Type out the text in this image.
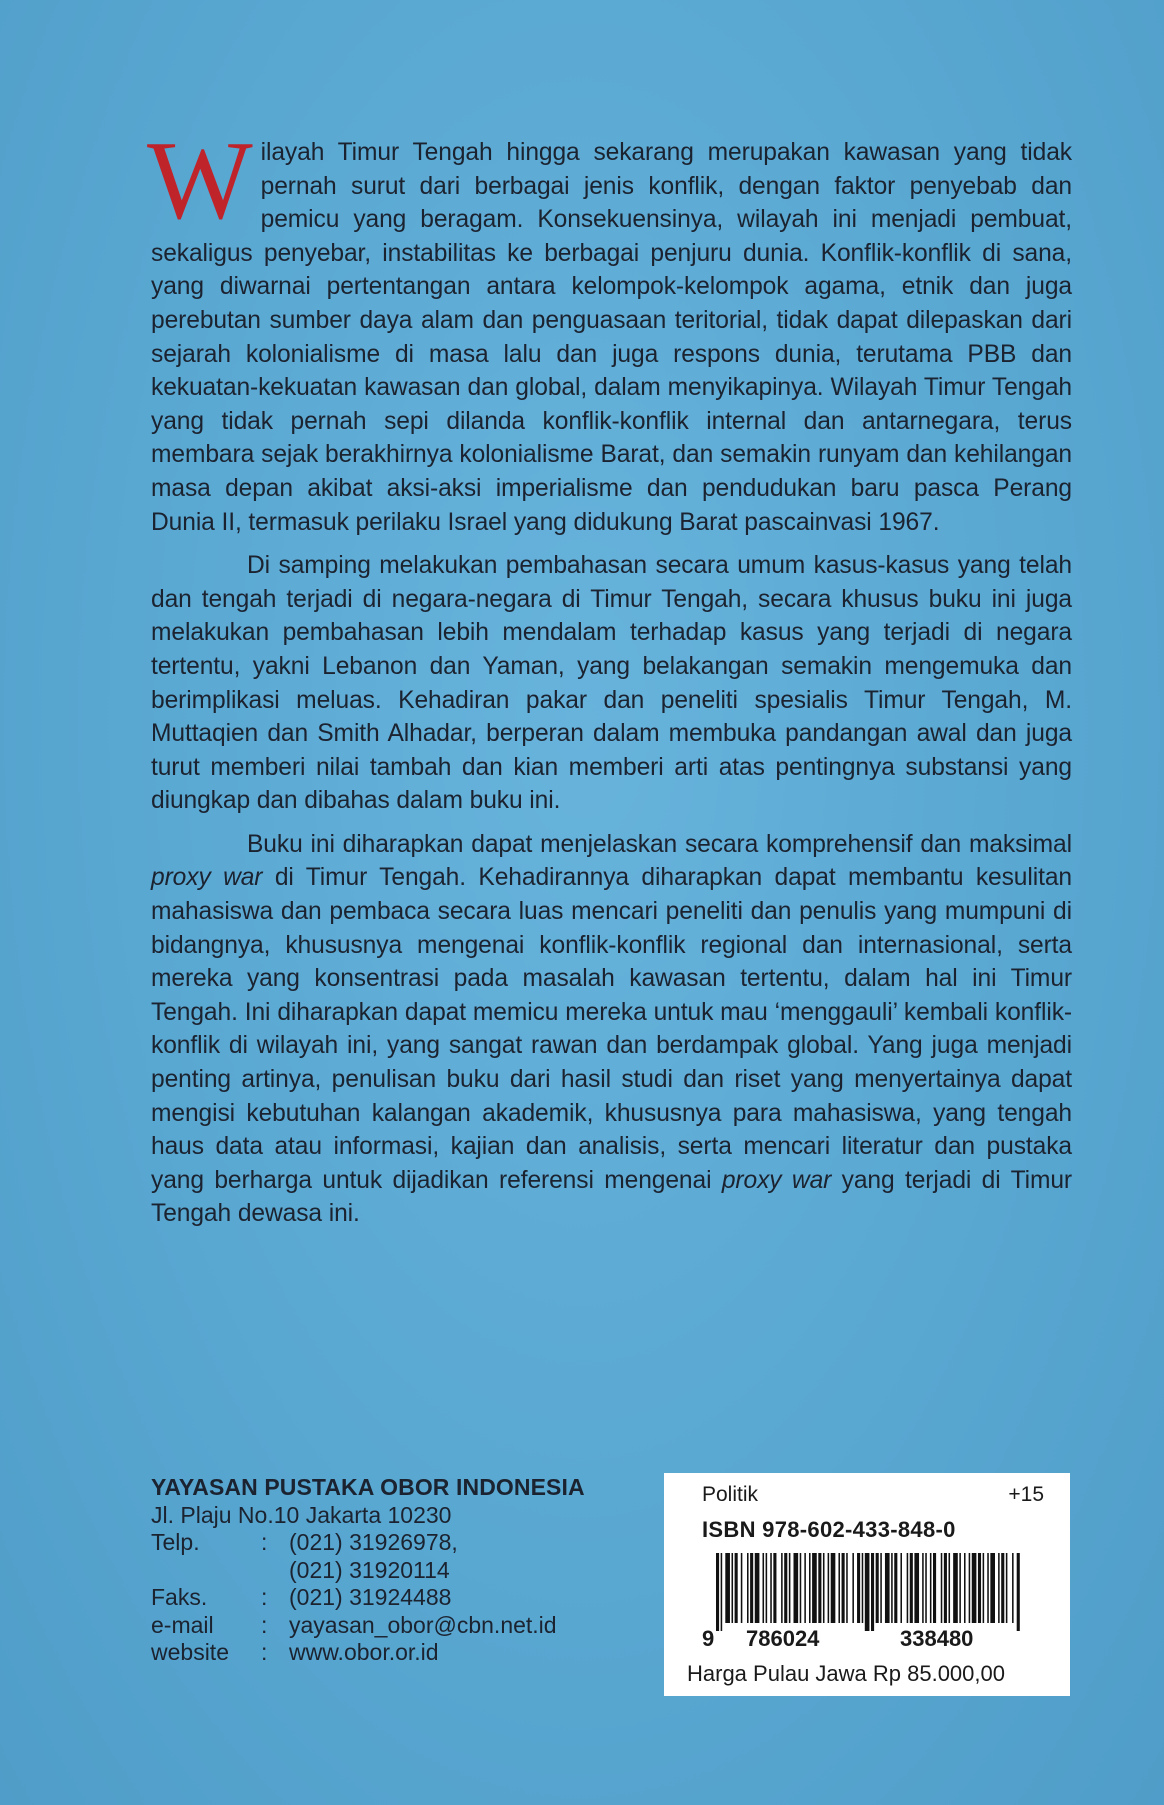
Wilayah Timur Tengah hingga sekarang merupakan kawasan yang tidak pernah surut dari berbagai jenis konflik, dengan faktor penyebab dan pemicu yang beragam. Konsekuensinya, wilayah ini menjadi pembuat, sekaligus penyebar, instabilitas ke berbagai penjuru dunia. Konflik-konflik di sana, yang diwarnai pertentangan antara kelompok-kelompok agama, etnik dan juga perebutan sumber daya alam dan penguasaan teritorial, tidak dapat dilepaskan dari sejarah kolonialisme di masa lalu dan juga respons dunia, terutama PBB dan kekuatan-kekuatan kawasan dan global, dalam menyikapinya. Wilayah Timur Tengah yang tidak pernah sepi dilanda konflik-konflik internal dan antarnegara, terus membara sejak berakhirnya kolonialisme Barat, dan semakin runyam dan kehilangan masa depan akibat aksi-aksi imperialisme dan pendudukan baru pasca Perang Dunia II, termasuk perilaku Israel yang didukung Barat pascainvasi 1967.

Di samping melakukan pembahasan secara umum kasus-kasus yang telah dan tengah terjadi di negara-negara di Timur Tengah, secara khusus buku ini juga melakukan pembahasan lebih mendalam terhadap kasus yang terjadi di negara tertentu, yakni Lebanon dan Yaman, yang belakangan semakin mengemuka dan berimplikasi meluas. Kehadiran pakar dan peneliti spesialis Timur Tengah, M. Muttaqien dan Smith Alhadar, berperan dalam membuka pandangan awal dan juga turut memberi nilai tambah dan kian memberi arti atas pentingnya substansi yang diungkap dan dibahas dalam buku ini.

Buku ini diharapkan dapat menjelaskan secara komprehensif dan maksimal proxy war di Timur Tengah. Kehadirannya diharapkan dapat membantu kesulitan mahasiswa dan pembaca secara luas mencari peneliti dan penulis yang mumpuni di bidangnya, khususnya mengenai konflik-konflik regional dan internasional, serta mereka yang konsentrasi pada masalah kawasan tertentu, dalam hal ini Timur Tengah. Ini diharapkan dapat memicu mereka untuk mau ‘menggauli’ kembali konflik-konflik di wilayah ini, yang sangat rawan dan berdampak global. Yang juga menjadi penting artinya, penulisan buku dari hasil studi dan riset yang menyertainya dapat mengisi kebutuhan kalangan akademik, khususnya para mahasiswa, yang tengah haus data atau informasi, kajian dan analisis, serta mencari literatur dan pustaka yang berharga untuk dijadikan referensi mengenai proxy war yang terjadi di Timur Tengah dewasa ini.

YAYASAN PUSTAKA OBOR INDONESIA
Jl. Plaju No.10 Jakarta 10230
Telp.	: (021) 31926978,
(021) 31920114
Faks.	: (021) 31924488
e-mail	: yayasan_obor@cbn.net.id
website	: www.obor.or.id
Politik	+15
ISBN 978-602-433-848-0
9 786024	338480
Harga Pulau Jawa Rp 85.000,00
